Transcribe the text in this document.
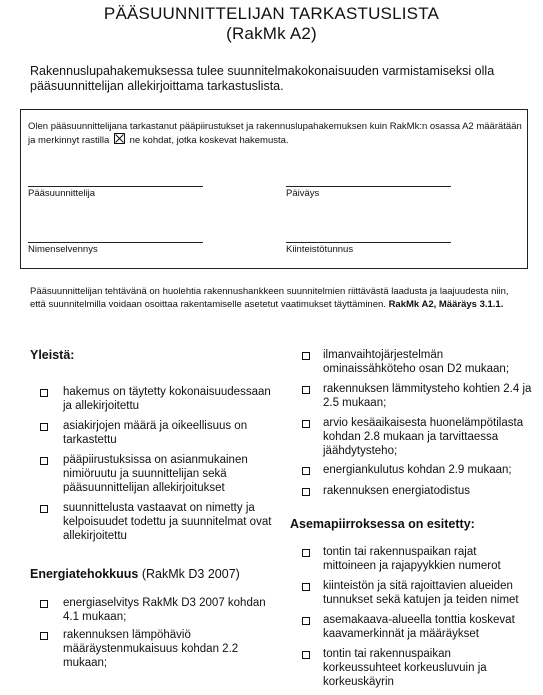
PÄÄSUUNNITTELIJAN TARKASTUSLISTA
(RakMk A2)
Rakennuslupahakemuksessa tulee suunnitelmakokonaisuuden varmistamiseksi olla pääsuunnittelijan allekirjoittama tarkastuslista.
Olen pääsuunnittelijana tarkastanut pääpiirustukset ja rakennuslupahakemuksen kuin RakMk:n osassa A2 määrätään ja merkinnyt rastilla ne kohdat, jotka koskevat hakemusta.
Pääsuunnittelija	Päiväys
Nimenselvennys	Kiinteistötunnus
Pääsuunnittelijan tehtävänä on huolehtia rakennushankkeen suunnitelmien riittävästä laadusta ja laajuudesta niin, että suunnitelmilla voidaan osoittaa rakentamiselle asetetut vaatimukset täyttäminen. RakMk A2, Määräys 3.1.1.
Yleistä:
hakemus on täytetty kokonaisuudessaan
ja allekirjoitettu
asiakirjojen määrä ja oikeellisuus on
tarkastettu
pääpiirustuksissa on asianmukainen
nimiöruutu ja suunnittelijan sekä
pääsuunnittelijan allekirjoitukset
suunnittelusta vastaavat on nimetty ja
kelpoisuudet todettu ja suunnitelmat ovat
allekirjoitettu
Energiatehokkuus (RakMk D3 2007)
energiaselvitys RakMk D3 2007 kohdan
4.1 mukaan;
rakennuksen lämpöhäviö
määräystenmukaisuus kohdan 2.2
mukaan;
ilmanvaihtojärjestelmän
ominaissähköteho osan D2 mukaan;
rakennuksen lämmitysteho kohtien 2.4 ja
2.5 mukaan;
arvio kesäaikaisesta huonelämpötilasta
kohdan 2.8 mukaan ja tarvittaessa
jäähdytysteho;
energiankulutus kohdan 2.9 mukaan;
rakennuksen energiatodistus
Asemapiirroksessa on esitetty:
tontin tai rakennuspaikan rajat
mittoineen ja rajapyykkien numerot
kiinteistön ja sitä rajoittavien alueiden
tunnukset sekä katujen ja teiden nimet
asemakaava-alueella tonttia koskevat
kaavamerkinnät ja määräykset
tontin tai rakennuspaikan
korkeussuhteet korkeusluvuin ja
korkeuskäyrin
